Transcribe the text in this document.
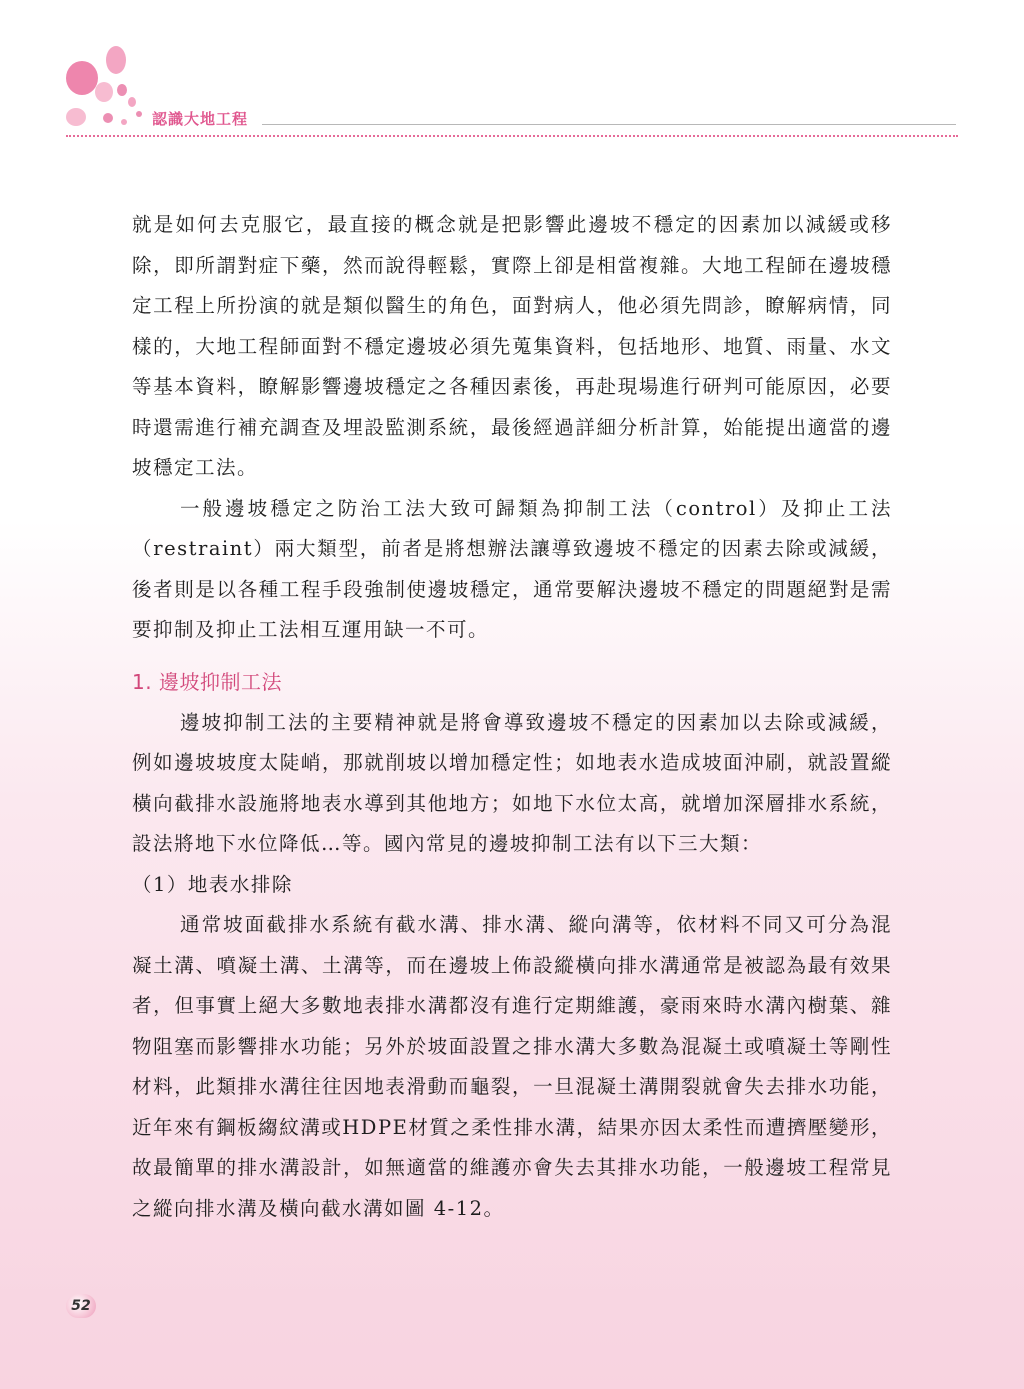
認識大地工程

就是如何去克服它，最直接的概念就是把影響此邊坡不穩定的因素加以減緩或移除，即所謂對症下藥，然而說得輕鬆，實際上卻是相當複雜。大地工程師在邊坡穩定工程上所扮演的就是類似醫生的角色，面對病人，他必須先問診，瞭解病情，同樣的，大地工程師面對不穩定邊坡必須先蒐集資料，包括地形、地質、雨量、水文等基本資料，瞭解影響邊坡穩定之各種因素後，再赴現場進行研判可能原因，必要時還需進行補充調查及埋設監測系統，最後經過詳細分析計算，始能提出適當的邊坡穩定工法。

一般邊坡穩定之防治工法大致可歸類為抑制工法（control）及抑止工法（restraint）兩大類型，前者是將想辦法讓導致邊坡不穩定的因素去除或減緩，後者則是以各種工程手段強制使邊坡穩定，通常要解決邊坡不穩定的問題絕對是需要抑制及抑止工法相互運用缺一不可。

1. 邊坡抑制工法

邊坡抑制工法的主要精神就是將會導致邊坡不穩定的因素加以去除或減緩，例如邊坡坡度太陡峭，那就削坡以增加穩定性；如地表水造成坡面沖刷，就設置縱橫向截排水設施將地表水導到其他地方；如地下水位太高，就增加深層排水系統，設法將地下水位降低…等。國內常見的邊坡抑制工法有以下三大類：

（1）地表水排除

通常坡面截排水系統有截水溝、排水溝、縱向溝等，依材料不同又可分為混凝土溝、噴凝土溝、土溝等，而在邊坡上佈設縱橫向排水溝通常是被認為最有效果者，但事實上絕大多數地表排水溝都沒有進行定期維護，豪雨來時水溝內樹葉、雜物阻塞而影響排水功能；另外於坡面設置之排水溝大多數為混凝土或噴凝土等剛性材料，此類排水溝往往因地表滑動而龜裂，一旦混凝土溝開裂就會失去排水功能，近年來有鋼板縐紋溝或HDPE材質之柔性排水溝，結果亦因太柔性而遭擠壓變形，故最簡單的排水溝設計，如無適當的維護亦會失去其排水功能，一般邊坡工程常見之縱向排水溝及橫向截水溝如圖 4-12。

52
